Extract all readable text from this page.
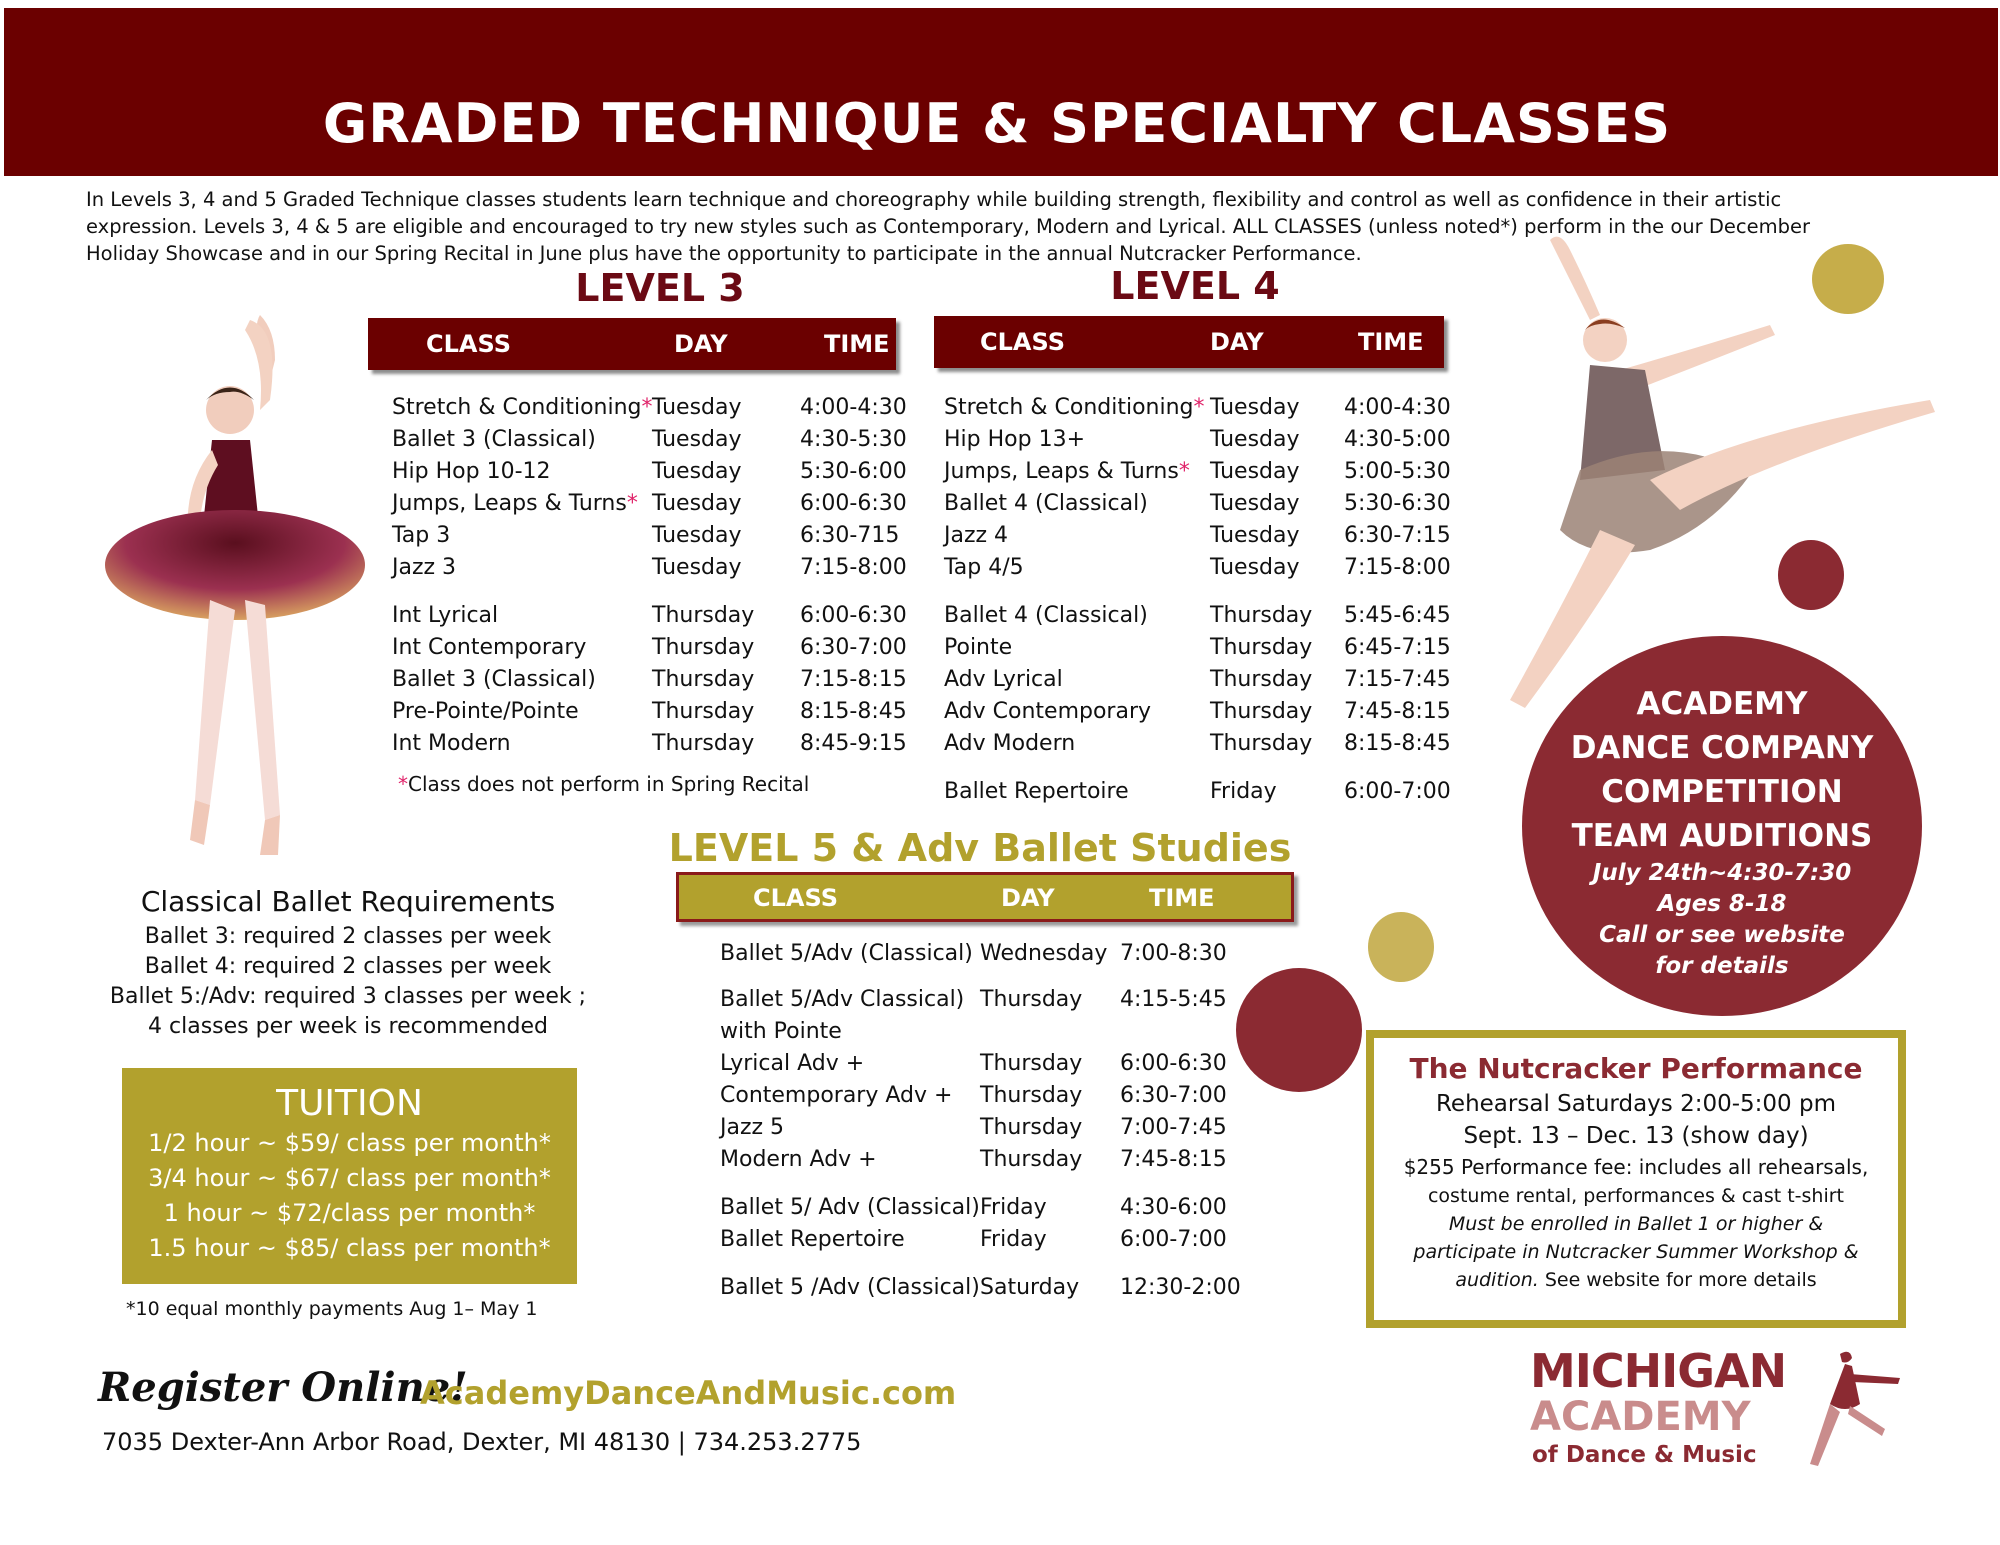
GRADED TECHNIQUE & SPECIALTY CLASSES
In Levels 3, 4 and 5 Graded Technique classes students learn technique and choreography while building strength, flexibility and control as well as confidence in their artistic expression. Levels 3, 4 & 5 are eligible and encouraged to try new styles such as Contemporary, Modern and Lyrical. ALL CLASSES (unless noted*) perform in the our December Holiday Showcase and in our Spring Recital in June plus have the opportunity to participate in the annual Nutcracker Performance.
LEVEL 3
CLASS	DAY	TIME
Stretch & Conditioning* Tuesday	4:00-4:30
Ballet 3 (Classical)	Tuesday	4:30-5:30
Hip Hop 10-12	Tuesday	5:30-6:00
Jumps, Leaps & Turns* Tuesday	6:00-6:30
Tap 3	Tuesday	6:30-715
Jazz 3	Tuesday	7:15-8:00
Int Lyrical	Thursday 6:00-6:30
Int Contemporary	Thursday 6:30-7:00
Ballet 3 (Classical)	Thursday 7:15-8:15
Pre-Pointe/Pointe	Thursday 8:15-8:45
Int Modern	Thursday 8:45-9:15
*Class does not perform in Spring Recital
LEVEL 4
CLASS	DAY	TIME
Stretch & Conditioning* Tuesday 4:00-4:30
Hip Hop 13+	Tuesday 4:30-5:00
Jumps, Leaps & Turns* Tuesday 5:00-5:30
Ballet 4 (Classical)	Tuesday 5:30-6:30
Jazz 4	Tuesday 6:30-7:15
Tap 4/5	Tuesday 7:15-8:00
Ballet 4 (Classical)	Thursday 5:45-6:45
Pointe	Thursday 6:45-7:15
Adv Lyrical	Thursday 7:15-7:45
Adv Contemporary	Thursday 7:45-8:15
Adv Modern	Thursday 8:15-8:45
Ballet Repertoire	Friday	6:00-7:00
LEVEL 5 & Adv Ballet Studies
CLASS	DAY	TIME
Ballet 5/Adv (Classical) Wednesday 7:00-8:30
Ballet 5/Adv Classical) Thursday 4:15-5:45
with Pointe
Lyrical Adv +	Thursday 6:00-6:30
Contemporary Adv + Thursday 6:30-7:00
Jazz 5	Thursday 7:00-7:45
Modern Adv +	Thursday 7:45-8:15
Ballet 5/ Adv (Classical) Friday	4:30-6:00
Ballet Repertoire	Friday	6:00-7:00
Ballet 5 /Adv (Classical) Saturday 12:30-2:00
Classical Ballet Requirements
Ballet 3: required 2 classes per week
Ballet 4: required 2 classes per week
Ballet 5:/Adv: required 3 classes per week ;
4 classes per week is recommended
TUITION
1/2 hour ~ $59/ class per month*
3/4 hour ~ $67/ class per month*
1 hour ~ $72/class per month*
1.5 hour ~ $85/ class per month*
*10 equal monthly payments Aug 1– May 1
ACADEMY
DANCE COMPANY
COMPETITION
TEAM AUDITIONS
July 24th~4:30-7:30
Ages 8-18
Call or see website
for details
The Nutcracker Performance
Rehearsal Saturdays 2:00-5:00 pm
Sept. 13 – Dec. 13 (show day)
$255 Performance fee: includes all rehearsals,
costume rental, performances & cast t-shirt
Must be enrolled in Ballet 1 or higher &
participate in Nutcracker Summer Workshop &
audition. See website for more details
Register Online!
AcademyDanceAndMusic.com
7035 Dexter-Ann Arbor Road, Dexter, MI 48130 | 734.253.2775
MICHIGAN
ACADEMY
of Dance & Music
